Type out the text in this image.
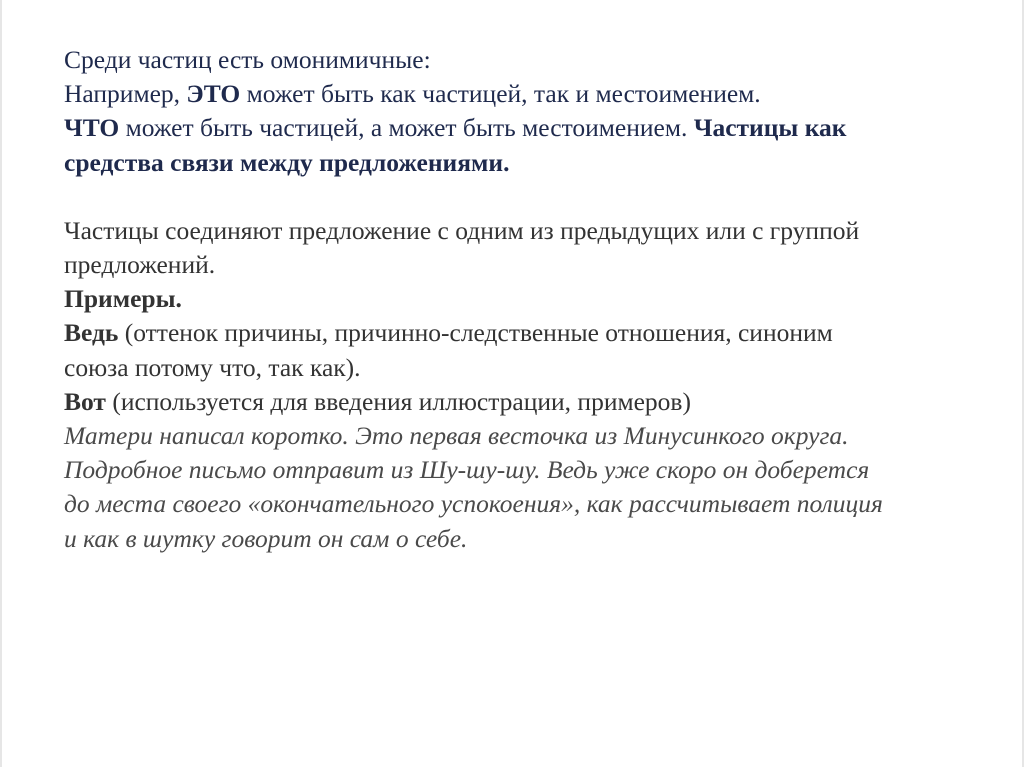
Среди частиц есть омонимичные:
Например, ЭТО может быть как частицей, так и местоимением.
ЧТО может быть частицей, а может быть местоимением. Частицы как
средства связи между предложениями.
Частицы соединяют предложение с одним из предыдущих или с группой
предложений.
Примеры.
Ведь (оттенок причины, причинно-следственные отношения, синоним
союза потому что, так как).
Вот (используется для введения иллюстрации, примеров)
Матери написал коротко. Это первая весточка из Минусинкого округа.
Подробное письмо отправит из Шу-шу-шу. Ведь уже скоро он доберется
до места своего «окончательного успокоения», как рассчитывает полиция
и как в шутку говорит он сам о себе.
